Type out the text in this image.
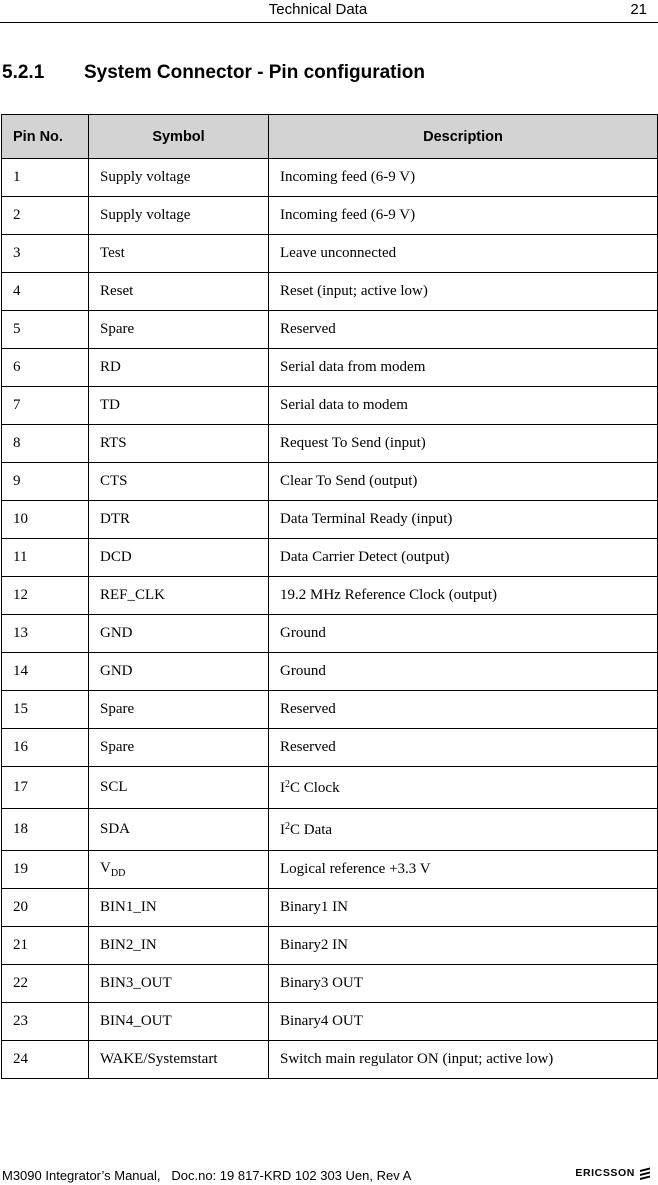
Technical Data	21
5.2.1 System Connector - Pin configuration
Pin No.	Symbol	Description
1	Supply voltage	Incoming feed (6-9 V)
2	Supply voltage	Incoming feed (6-9 V)
3	Test	Leave unconnected
4	Reset	Reset (input; active low)
5	Spare	Reserved
6	RD	Serial data from modem
7	TD	Serial data to modem
8	RTS	Request To Send (input)
9	CTS	Clear To Send (output)
10	DTR	Data Terminal Ready (input)
11	DCD	Data Carrier Detect (output)
12	REF_CLK	19.2 MHz Reference Clock (output)
13	GND	Ground
14	GND	Ground
15	Spare	Reserved
16	Spare	Reserved
17	SCL	$I^2C$ Clock
18	SDA	$I^2C$ Data
19	$V_{DD}$	Logical reference +3.3 V
20	BIN1_IN	Binary1 IN
21	BIN2_IN	Binary2 IN
22	BIN3_OUT	Binary3 OUT
23	BIN4_OUT	Binary4 OUT
24	WAKE/Systemstart	Switch main regulator ON (input; active low)
M3090 Integrator’s Manual, Doc.no: 19 817-KRD 102 303 Uen, Rev A	ERICSSON
